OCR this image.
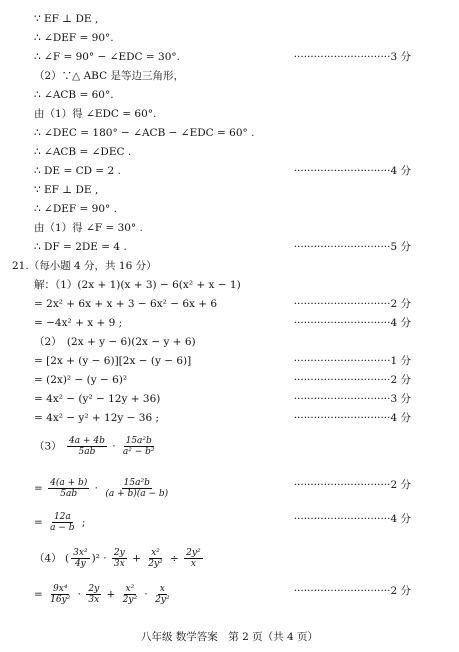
∵ EF ⊥ DE ,
∴ ∠DEF = 90°.
∴ ∠F = 90° − ∠EDC = 30°.	·····························3 分
（2）∵△ ABC 是等边三角形，
∴ ∠ACB = 60°.
由（1）得 ∠EDC = 60°.
∴ ∠DEC = 180° − ∠ACB − ∠EDC = 60° .
∴ ∠ACB = ∠DEC .
∴ DE = CD = 2 .	·····························4 分
∵ EF ⊥ DE ,
∴ ∠DEF = 90° .
由（1）得 ∠F = 30° .
∴ DF = 2DE = 4 .	·····························5 分
21.（每小题 4 分，共 16 分）
解：（1）(2x + 1)(x + 3) − 6(x² + x − 1)
= 2x² + 6x + x + 3 − 6x² − 6x + 6	·····························2 分
= −4x² + x + 9 ;	·····························4 分
（2）　(2x + y − 6)(2x − y + 6)
= [2x + (y − 6)][2x − (y − 6)]	·····························1 分
= (2x)² − (y − 6)²	·····························2 分
= 4x² − (y² − 12y + 36)	·····························3 分
= 4x² − y² + 12y − 36 ;	·····························4 分
$(3) \frac{4a + 4b}{5ab} \cdot \frac{\text{15a²b}}{\text{a² − b²}}$
= $\frac{4(a + b)}{5ab} \cdot \frac{\text{15a²b}}{(a + b)(a - b)}$	·····························2 分
= $\frac{12a}{a - b}$ ;	·····························4 分
（4） ( $\frac{\text{3x²}}{4y} )^2 \cdot \frac{2y}{3x} + \frac{\text{x²}}{\text{2y²}} \div \frac{\text{2y²}}{x}$
= $\frac{\text{9x⁴}}{\text{16y²}} \cdot \frac{2y}{3x} + \frac{\text{x²}}{\text{2y²}} \cdot \frac{x}{\text{2y²}}$	·····························2 分
八年级 数学答案　第 2 页（共 4 页）
